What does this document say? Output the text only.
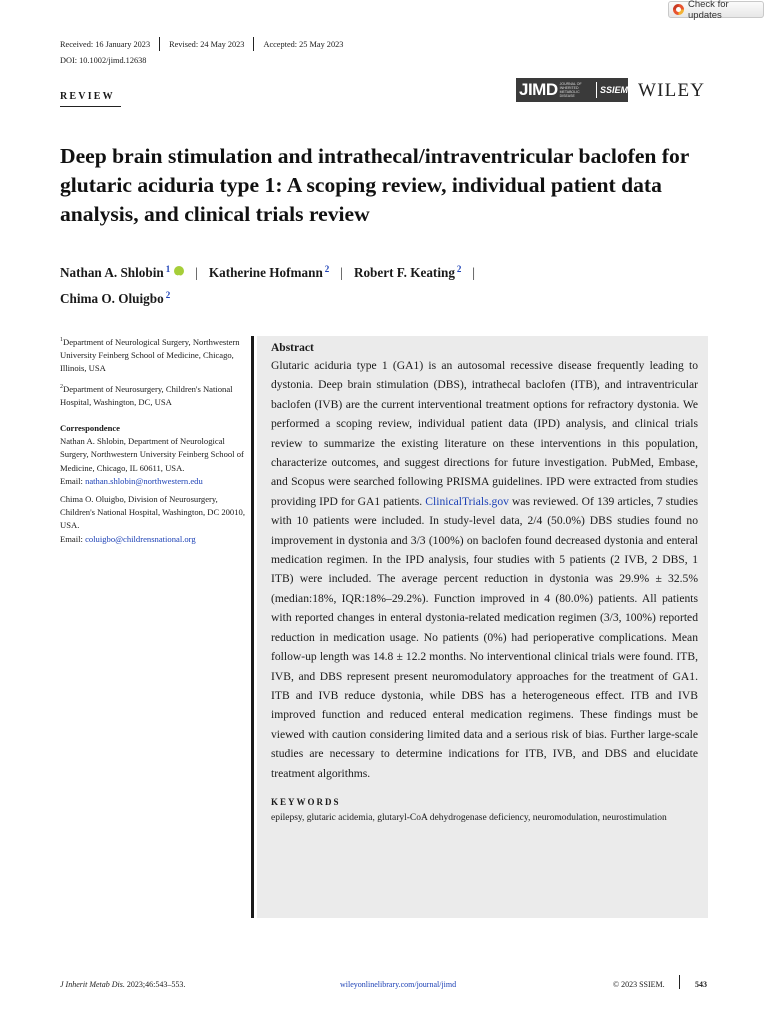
Check for updates
Received: 16 January 2023 Revised: 24 May 2023 Accepted: 25 May 2023
DOI: 10.1002/jimd.12638
REVIEW	JIMD JOURNAL OF INHERITED METABOLIC DISEASE
SSIEM WILEY
Deep brain stimulation and intrathecal/intraventricular baclofen for glutaric aciduria type 1: A scoping review, individual patient data analysis, and clinical trials review
Nathan A. Shlobin $^1$iD | Katherine Hofmann $^2$ | Robert F. Keating $^2$ |
Chima O. Oluigbo $^2$

$^1$Department of Neurological Surgery, Northwestern University Feinberg School of Medicine, Chicago, Illinois, USA

$^2$Department of Neurosurgery, Children's National Hospital, Washington, DC, USA

Correspondence

Nathan A. Shlobin, Department of Neurological Surgery, Northwestern University Feinberg School of Medicine, Chicago, IL 60611, USA.
Email: nathan.shlobin@northwestern.edu

Chima O. Oluigbo, Division of Neurosurgery, Children's National Hospital, Washington, DC 20010, USA.
Email: coluigbo@childrensnational.org

Abstract

Glutaric aciduria type 1 (GA1) is an autosomal recessive disease frequently leading to dystonia. Deep brain stimulation (DBS), intrathecal baclofen (ITB), and intraventricular baclofen (IVB) are the current interventional treatment options for refractory dystonia. We performed a scoping review, individual patient data (IPD) analysis, and clinical trials review to summarize the existing literature on these interventions in this population, characterize outcomes, and suggest directions for future investigation. PubMed, Embase, and Scopus were searched following PRISMA guidelines. IPD were extracted from studies providing IPD for GA1 patients. ClinicalTrials.gov was reviewed. Of 139 articles, 7 studies with 10 patients were included. In study-level data, 2/4 (50.0%) DBS studies found no improvement in dystonia and 3/3 (100%) on baclofen found decreased dystonia and enteral medication regimen. In the IPD analysis, four studies with 5 patients (2 IVB, 2 DBS, 1 ITB) were included. The average percent reduction in dystonia was 29.9% ± 32.5% (median:18%, IQR:18%–29.2%). Function improved in 4 (80.0%) patients. All patients with reported changes in enteral dystonia-related medication regimen (3/3, 100%) reported reduction in medication usage. No patients (0%) had perioperative complications. Mean follow-up length was 14.8 ± 12.2 months. No interventional clinical trials were found. ITB, IVB, and DBS represent present neuromodulatory approaches for the treatment of GA1. ITB and IVB reduce dystonia, while DBS has a heterogeneous effect. ITB and IVB improved function and reduced enteral medication regimens. These findings must be viewed with caution considering limited data and a serious risk of bias. Further large-scale studies are necessary to determine indications for ITB, IVB, and DBS and elucidate treatment algorithms.

KEYWORDS

epilepsy, glutaric acidemia, glutaryl-CoA dehydrogenase deficiency, neuromodulation, neurostimulation

J Inherit Metab Dis. 2023;46:543–553.	wileyonlinelibrary.com/journal/jimd	© 2023 SSIEM.	543
